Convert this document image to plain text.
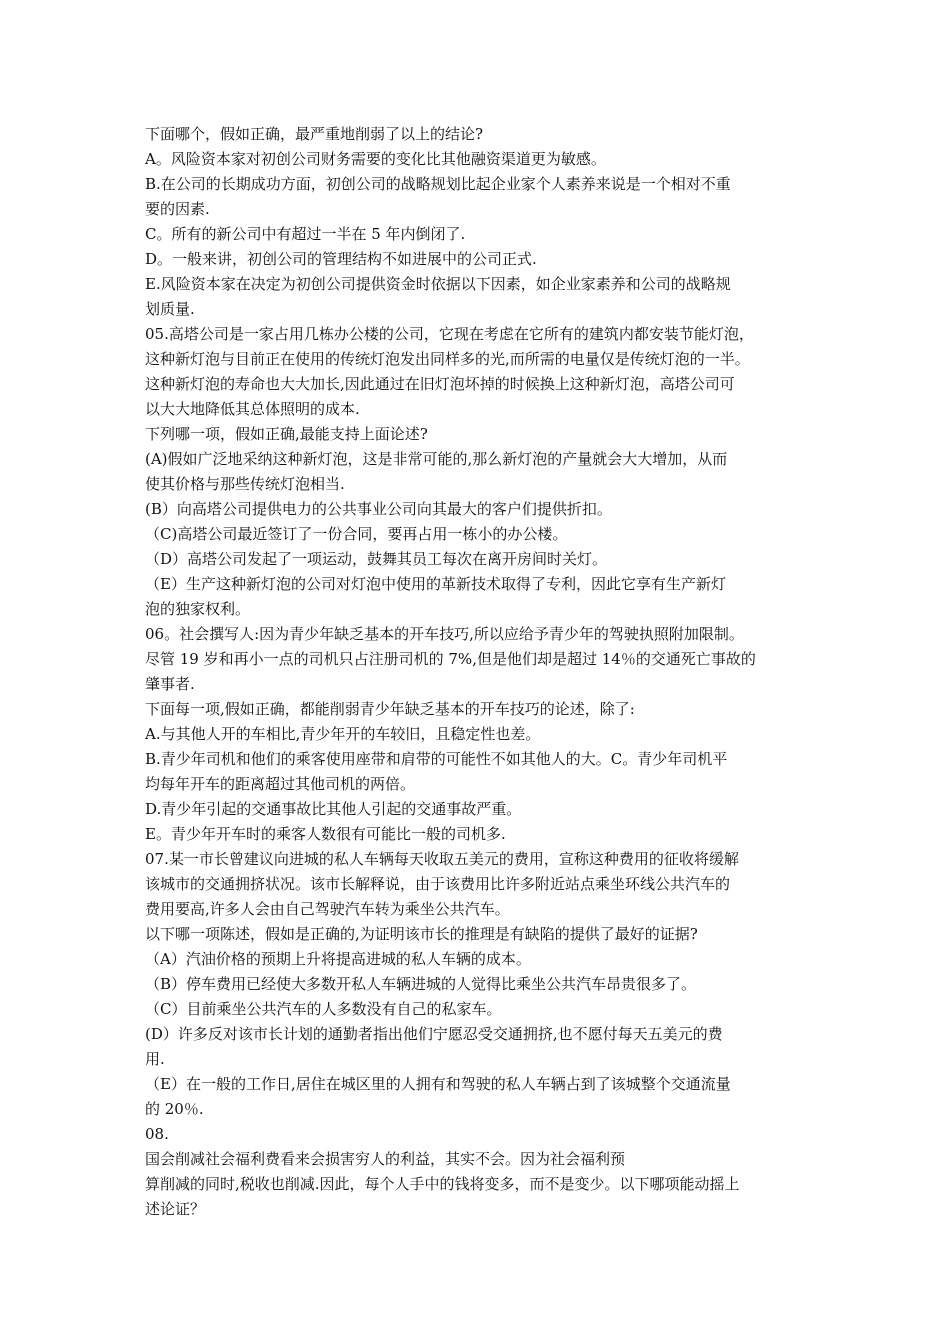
下面哪个，假如正确，最严重地削弱了以上的结论?
A。风险资本家对初创公司财务需要的变化比其他融资渠道更为敏感。
B.在公司的长期成功方面，初创公司的战略规划比起企业家个人素养来说是一个相对不重
要的因素.
C。所有的新公司中有超过一半在 5 年内倒闭了.
D。一般来讲，初创公司的管理结构不如进展中的公司正式.
E.风险资本家在决定为初创公司提供资金时依据以下因素，如企业家素养和公司的战略规
划质量.
05.高塔公司是一家占用几栋办公楼的公司，它现在考虑在它所有的建筑内都安装节能灯泡，
这种新灯泡与目前正在使用的传统灯泡发出同样多的光,而所需的电量仅是传统灯泡的一半。
这种新灯泡的寿命也大大加长,因此通过在旧灯泡坏掉的时候换上这种新灯泡，高塔公司可
以大大地降低其总体照明的成本.
下列哪一项，假如正确,最能支持上面论述?
(A)假如广泛地采纳这种新灯泡，这是非常可能的,那么新灯泡的产量就会大大增加，从而
使其价格与那些传统灯泡相当.
(B）向高塔公司提供电力的公共事业公司向其最大的客户们提供折扣。
（C)高塔公司最近签订了一份合同，要再占用一栋小的办公楼。
（D）高塔公司发起了一项运动，鼓舞其员工每次在离开房间时关灯。
（E）生产这种新灯泡的公司对灯泡中使用的革新技术取得了专利，因此它享有生产新灯
泡的独家权利。
06。社会撰写人:因为青少年缺乏基本的开车技巧,所以应给予青少年的驾驶执照附加限制。
尽管 19 岁和再小一点的司机只占注册司机的 7%,但是他们却是超过 14％的交通死亡事故的
肇事者.
下面每一项,假如正确，都能削弱青少年缺乏基本的开车技巧的论述，除了:
A.与其他人开的车相比,青少年开的车较旧，且稳定性也差。
B.青少年司机和他们的乘客使用座带和肩带的可能性不如其他人的大。C。青少年司机平
均每年开车的距离超过其他司机的两倍。
D.青少年引起的交通事故比其他人引起的交通事故严重。
E。青少年开车时的乘客人数很有可能比一般的司机多.
07.某一市长曾建议向进城的私人车辆每天收取五美元的费用，宣称这种费用的征收将缓解
该城市的交通拥挤状况。该市长解释说，由于该费用比许多附近站点乘坐环线公共汽车的
费用要高,许多人会由自己驾驶汽车转为乘坐公共汽车。
以下哪一项陈述，假如是正确的,为证明该市长的推理是有缺陷的提供了最好的证据?
（A）汽油价格的预期上升将提高进城的私人车辆的成本。
（B）停车费用已经使大多数开私人车辆进城的人觉得比乘坐公共汽车昂贵很多了。
（C）目前乘坐公共汽车的人多数没有自己的私家车。
(D）许多反对该市长计划的通勤者指出他们宁愿忍受交通拥挤,也不愿付每天五美元的费
用.
（E）在一般的工作日,居住在城区里的人拥有和驾驶的私人车辆占到了该城整个交通流量
的 20％.
08.
国会削减社会福利费看来会损害穷人的利益，其实不会。因为社会福利预
算削减的同时,税收也削减.因此，每个人手中的钱将变多，而不是变少。以下哪项能动摇上
述论证？
